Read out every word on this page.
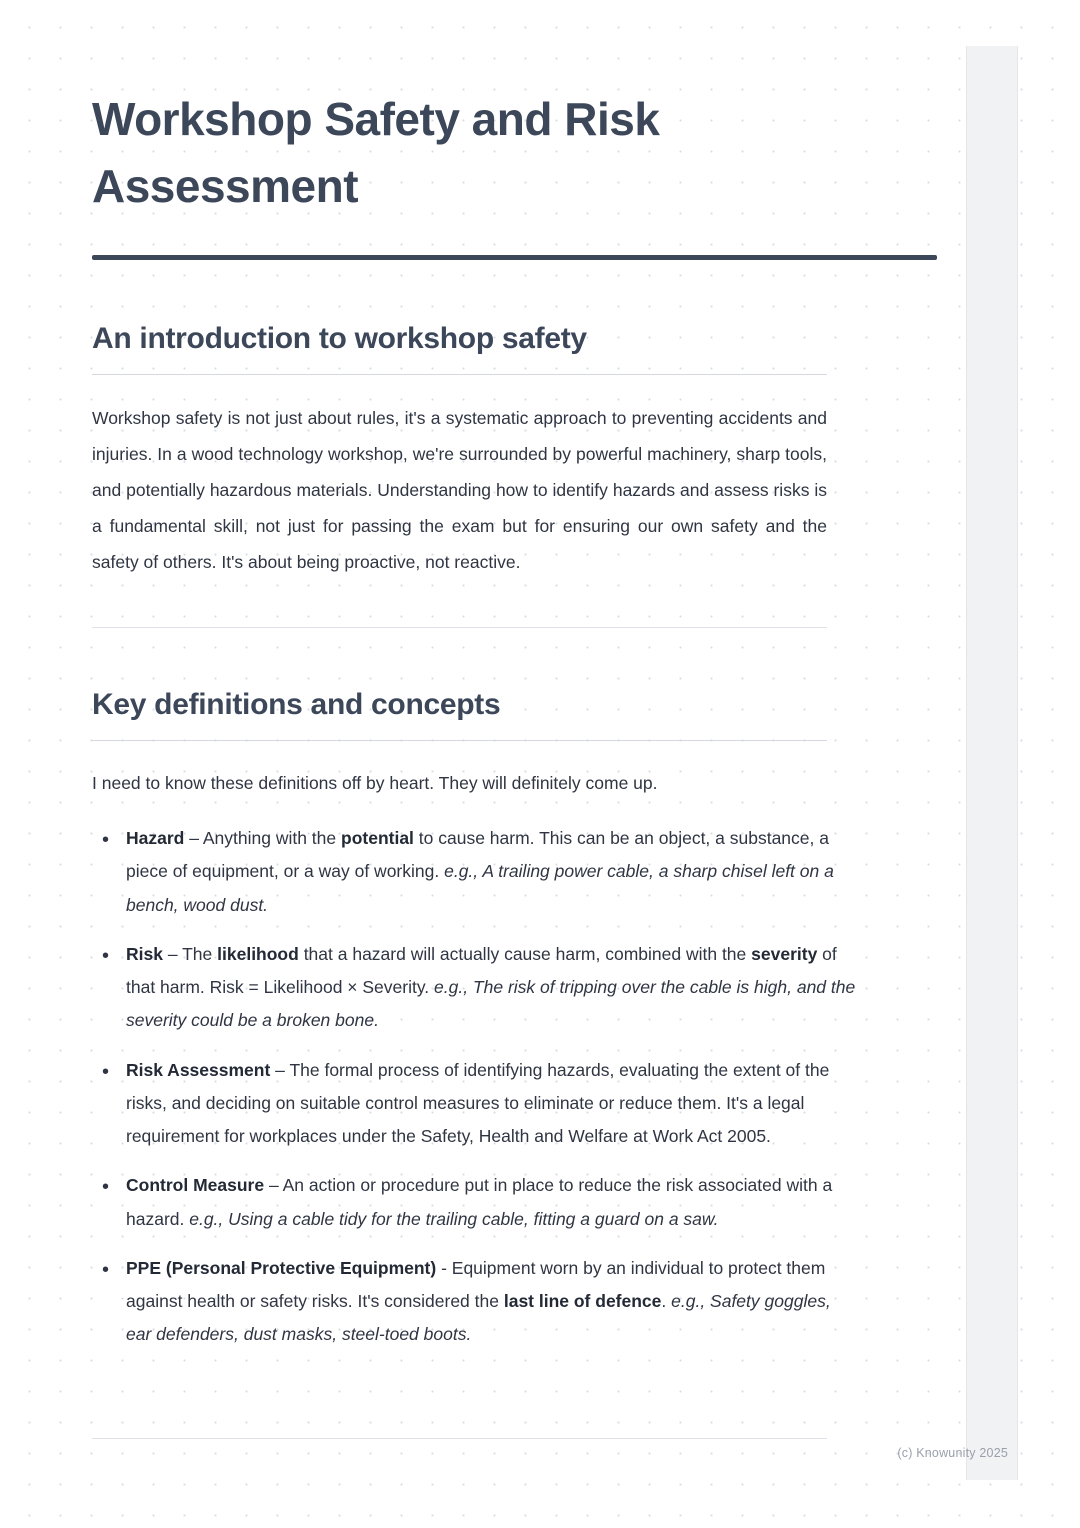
Workshop Safety and Risk Assessment
An introduction to workshop safety

Workshop safety is not just about rules, it's a systematic approach to preventing accidents and injuries. In a wood technology workshop, we're surrounded by powerful machinery, sharp tools, and potentially hazardous materials. Understanding how to identify hazards and assess risks is a fundamental skill, not just for passing the exam but for ensuring our own safety and the safety of others. It's about being proactive, not reactive.

Key definitions and concepts

I need to know these definitions off by heart. They will definitely come up.

• Hazard – Anything with the potential to cause harm. This can be an object, a substance, a piece of equipment, or a way of working. e.g., A trailing power cable, a sharp chisel left on a bench, wood dust.
• Risk – The likelihood that a hazard will actually cause harm, combined with the severity of that harm. Risk = Likelihood × Severity. e.g., The risk of tripping over the cable is high, and the severity could be a broken bone.
• Risk Assessment – The formal process of identifying hazards, evaluating the extent of the risks, and deciding on suitable control measures to eliminate or reduce them. It's a legal requirement for workplaces under the Safety, Health and Welfare at Work Act 2005.
• Control Measure – An action or procedure put in place to reduce the risk associated with a hazard. e.g., Using a cable tidy for the trailing cable, fitting a guard on a saw.
• PPE (Personal Protective Equipment) - Equipment worn by an individual to protect them against health or safety risks. It's considered the last line of defence. e.g., Safety goggles, ear defenders, dust masks, steel-toed boots.
(c) Knowunity 2025
